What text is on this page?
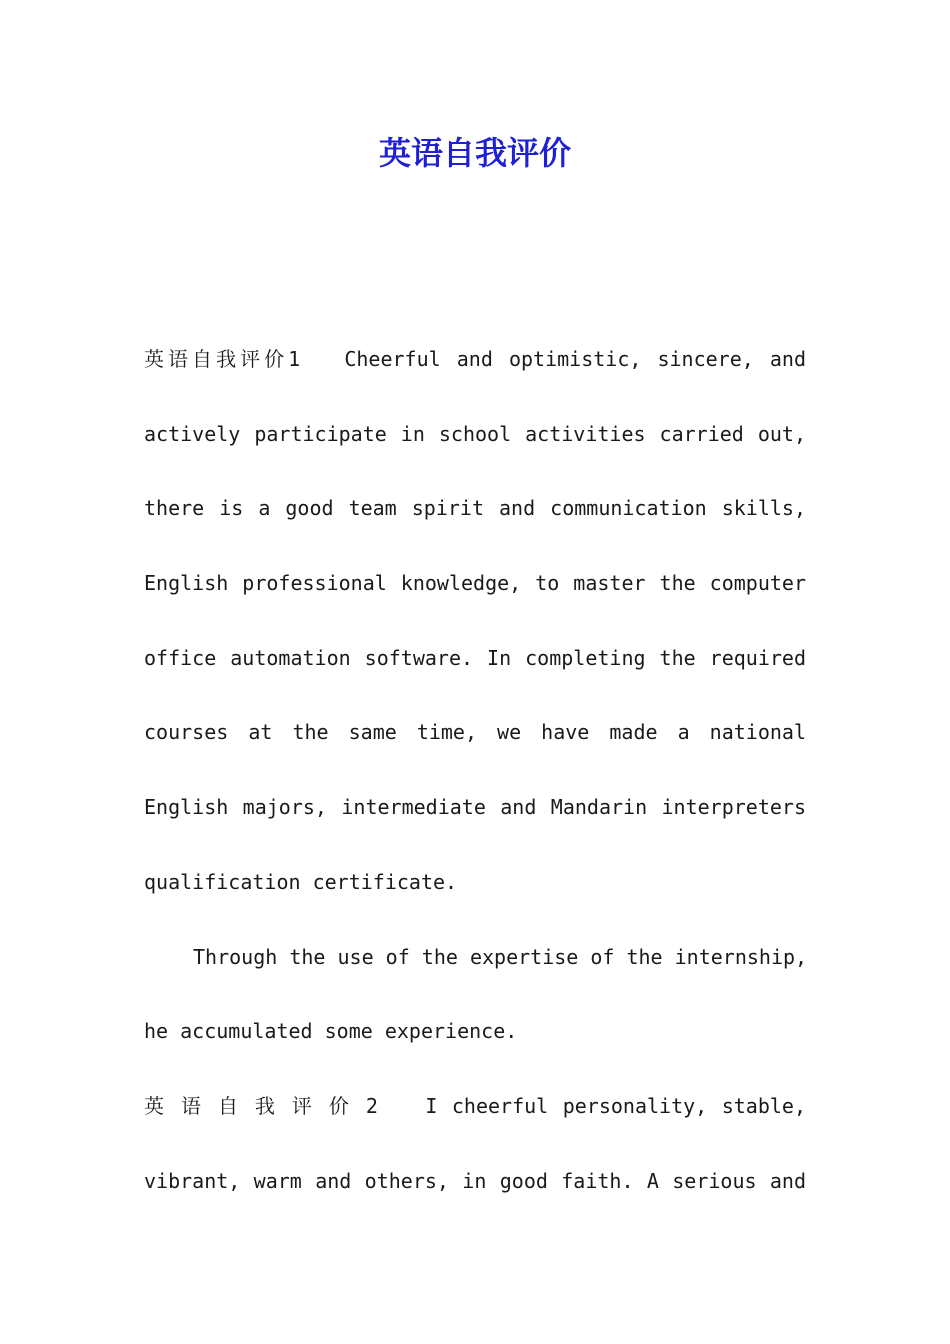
英语自我评价
英语自我评价1　 Cheerful and optimistic, sincere, and
actively participate in school activities carried out,
there is a good team spirit and communication skills,
English professional knowledge, to master the computer
office automation software. In completing the required
courses at the same time, we have made a national
English majors, intermediate and Mandarin interpreters
qualification certificate.
Through the use of the expertise of the internship,
he accumulated some experience.
英 语 自 我 评 价 2　　I cheerful personality, stable,
vibrant, warm and others, in good faith. A serious and
